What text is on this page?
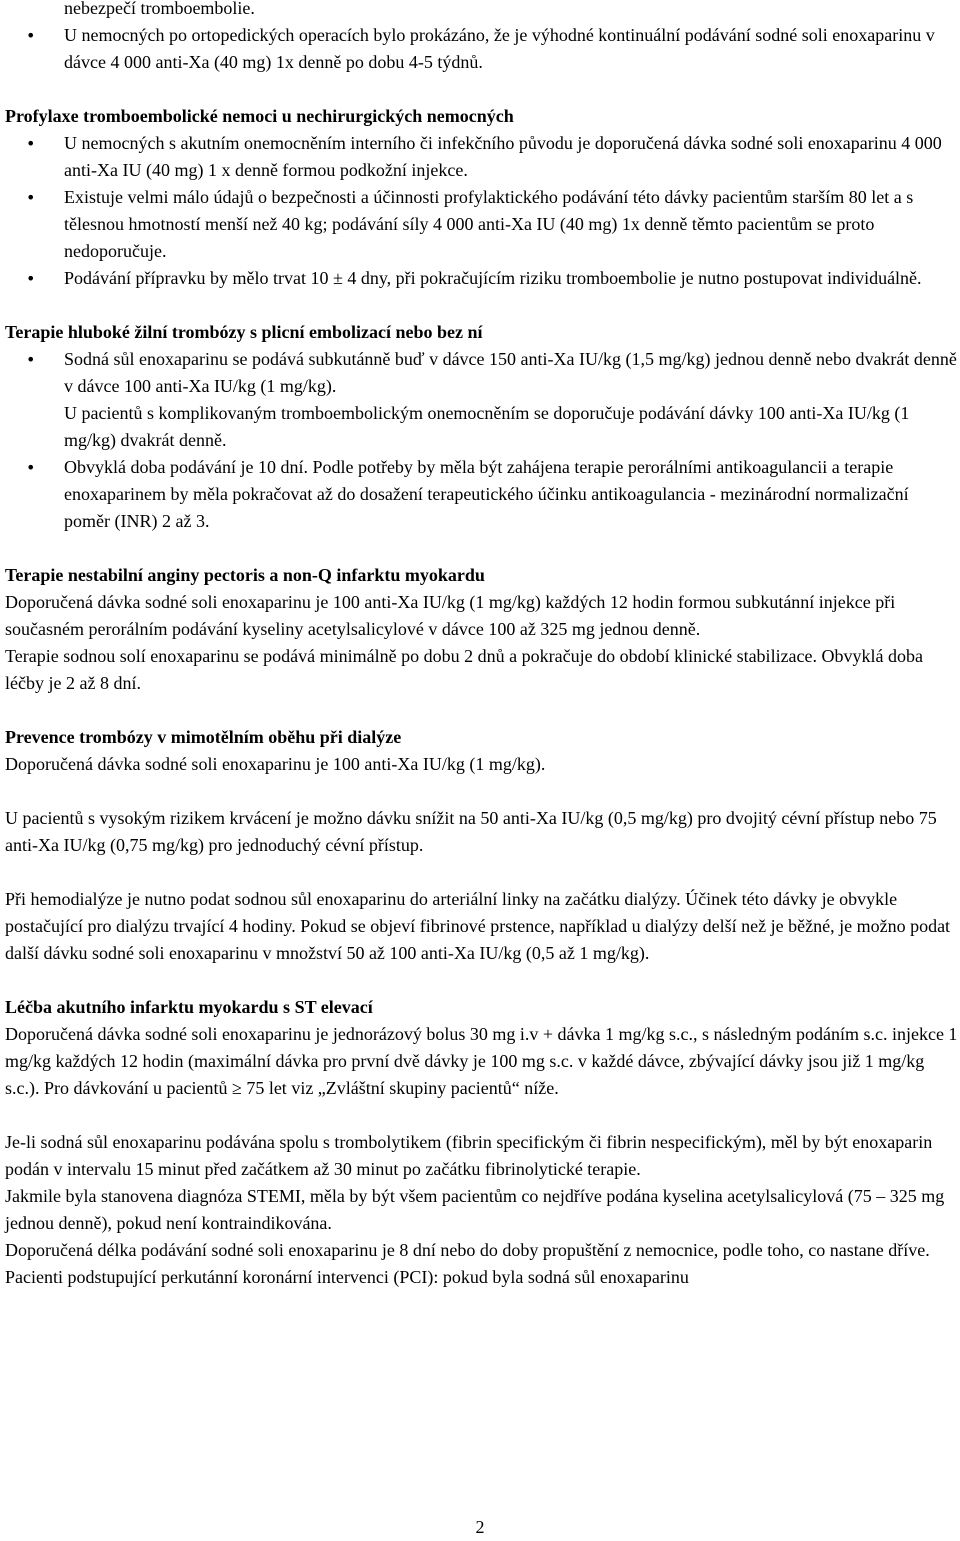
nebezpečí tromboembolie.

• U nemocných po ortopedických operacích bylo prokázáno, že je výhodné kontinuální podávání sodné soli enoxaparinu v dávce 4 000 anti-Xa (40 mg) 1x denně po dobu 4-5 týdnů.

Profylaxe tromboembolické nemoci u nechirurgických nemocných

• U nemocných s akutním onemocněním interního či infekčního původu je doporučená dávka sodné soli enoxaparinu 4 000 anti-Xa IU (40 mg) 1 x denně formou podkožní injekce.

• Existuje velmi málo údajů o bezpečnosti a účinnosti profylaktického podávání této dávky pacientům starším 80 let a s tělesnou hmotností menší než 40 kg; podávání síly 4 000 anti-Xa IU (40 mg) 1x denně těmto pacientům se proto nedoporučuje.

• Podávání přípravku by mělo trvat 10 ± 4 dny, při pokračujícím riziku tromboembolie je nutno postupovat individuálně.

Terapie hluboké žilní trombózy s plicní embolizací nebo bez ní

• Sodná sůl enoxaparinu se podává subkutánně buď v dávce 150 anti-Xa IU/kg (1,5 mg/kg) jednou denně nebo dvakrát denně v dávce 100 anti-Xa IU/kg (1 mg/kg).

U pacientů s komplikovaným tromboembolickým onemocněním se doporučuje podávání dávky 100 anti-Xa IU/kg (1 mg/kg) dvakrát denně.

• Obvyklá doba podávání je 10 dní. Podle potřeby by měla být zahájena terapie perorálními antikoagulancii a terapie enoxaparinem by měla pokračovat až do dosažení terapeutického účinku antikoagulancia - mezinárodní normalizační poměr (INR) 2 až 3.

Terapie nestabilní anginy pectoris a non-Q infarktu myokardu

Doporučená dávka sodné soli enoxaparinu je 100 anti-Xa IU/kg (1 mg/kg) každých 12 hodin formou subkutánní injekce při současném perorálním podávání kyseliny acetylsalicylové v dávce 100 až 325 mg jednou denně.

Terapie sodnou solí enoxaparinu se podává minimálně po dobu 2 dnů a pokračuje do období klinické stabilizace. Obvyklá doba léčby je 2 až 8 dní.

Prevence trombózy v mimotělním oběhu při dialýze

Doporučená dávka sodné soli enoxaparinu je 100 anti-Xa IU/kg (1 mg/kg).

U pacientů s vysokým rizikem krvácení je možno dávku snížit na 50 anti-Xa IU/kg (0,5 mg/kg) pro dvojitý cévní přístup nebo 75 anti-Xa IU/kg (0,75 mg/kg) pro jednoduchý cévní přístup.

Při hemodialýze je nutno podat sodnou sůl enoxaparinu do arteriální linky na začátku dialýzy. Účinek této dávky je obvykle postačující pro dialýzu trvající 4 hodiny. Pokud se objeví fibrinové prstence, například u dialýzy delší než je běžné, je možno podat další dávku sodné soli enoxaparinu v množství 50 až 100 anti-Xa IU/kg (0,5 až 1 mg/kg).

Léčba akutního infarktu myokardu s ST elevací

Doporučená dávka sodné soli enoxaparinu je jednorázový bolus 30 mg i.v + dávka 1 mg/kg s.c., s následným podáním s.c. injekce 1 mg/kg každých 12 hodin (maximální dávka pro první dvě dávky je 100 mg s.c. v každé dávce, zbývající dávky jsou již 1 mg/kg s.c.). Pro dávkování u pacientů ≥ 75 let viz „Zvláštní skupiny pacientů“ níže.

Je-li sodná sůl enoxaparinu podávána spolu s trombolytikem (fibrin specifickým či fibrin nespecifickým), měl by být enoxaparin podán v intervalu 15 minut před začátkem až 30 minut po začátku fibrinolytické terapie.

Jakmile byla stanovena diagnóza STEMI, měla by být všem pacientům co nejdříve podána kyselina acetylsalicylová (75 – 325 mg jednou denně), pokud není kontraindikována.

Doporučená délka podávání sodné soli enoxaparinu je 8 dní nebo do doby propuštění z nemocnice, podle toho, co nastane dříve.

Pacienti podstupující perkutánní koronární intervenci (PCI): pokud byla sodná sůl enoxaparinu

2
